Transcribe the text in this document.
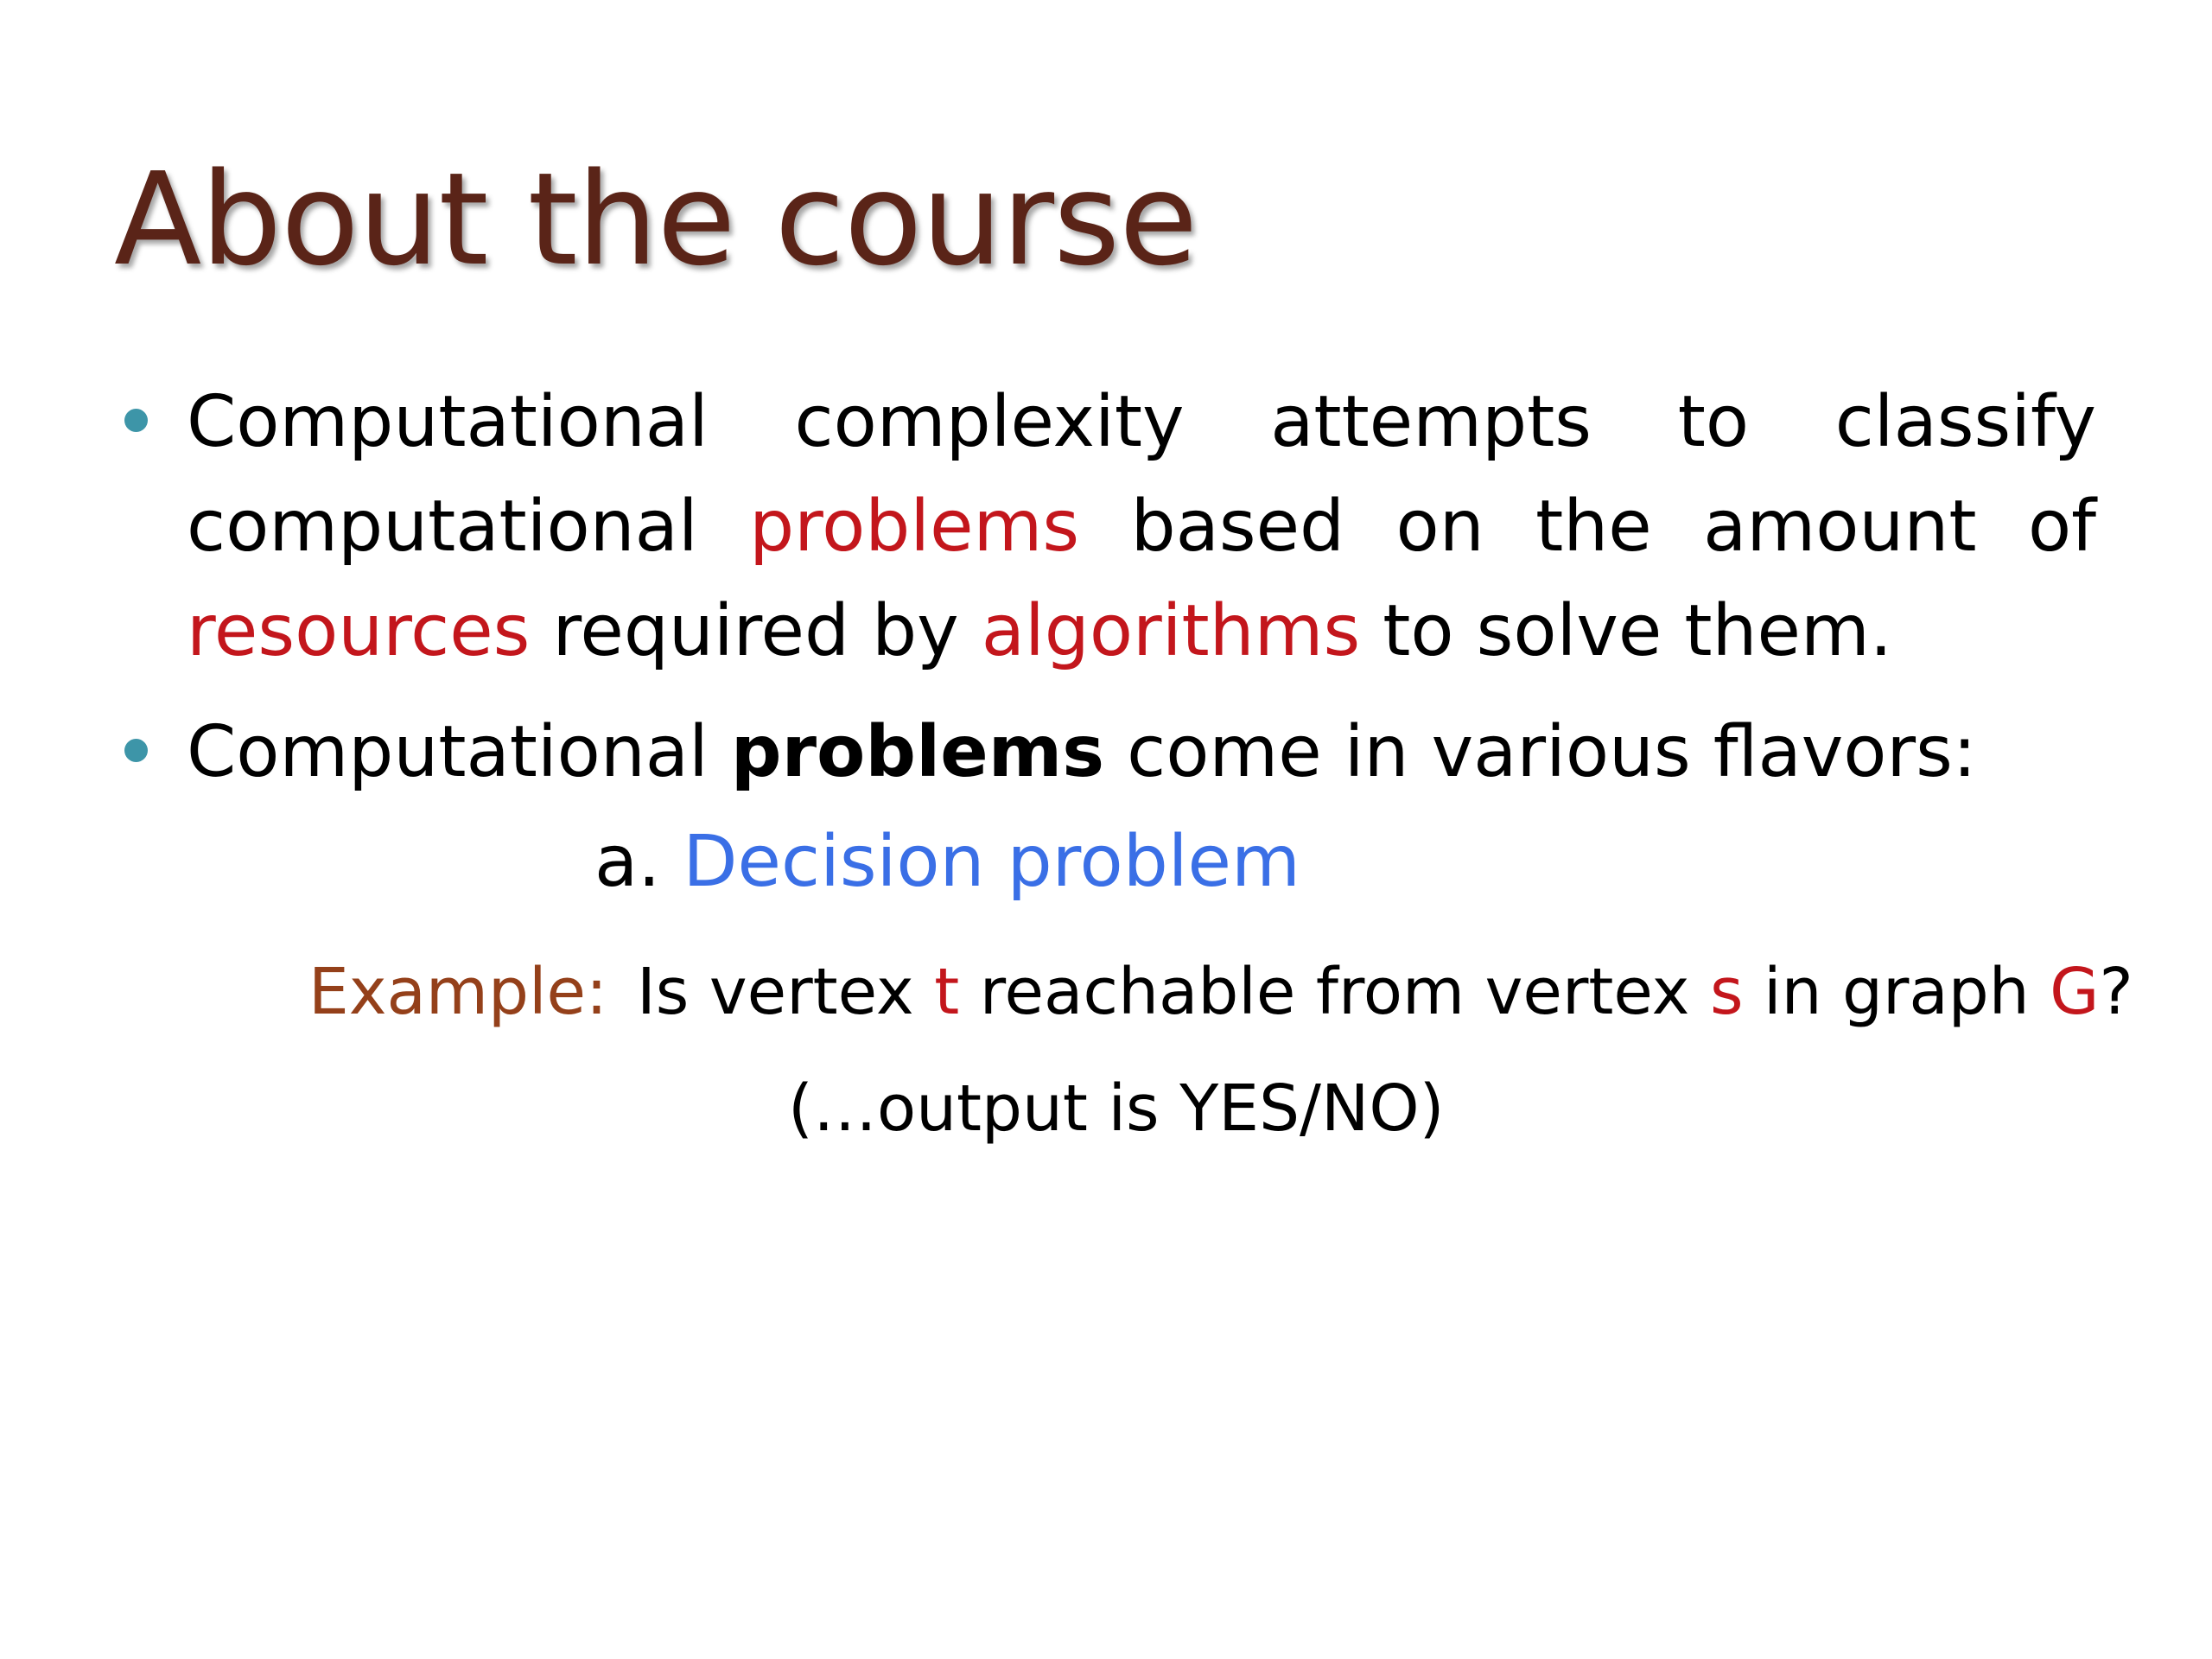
About the course
Computational complexity attempts to classify
computational problems based on the amount of
resources required by algorithms to solve them.
Computational problems come in various flavors:
a. Decision problem
Example: Is vertex t reachable from vertex s in graph G?
(…output is YES/NO)
